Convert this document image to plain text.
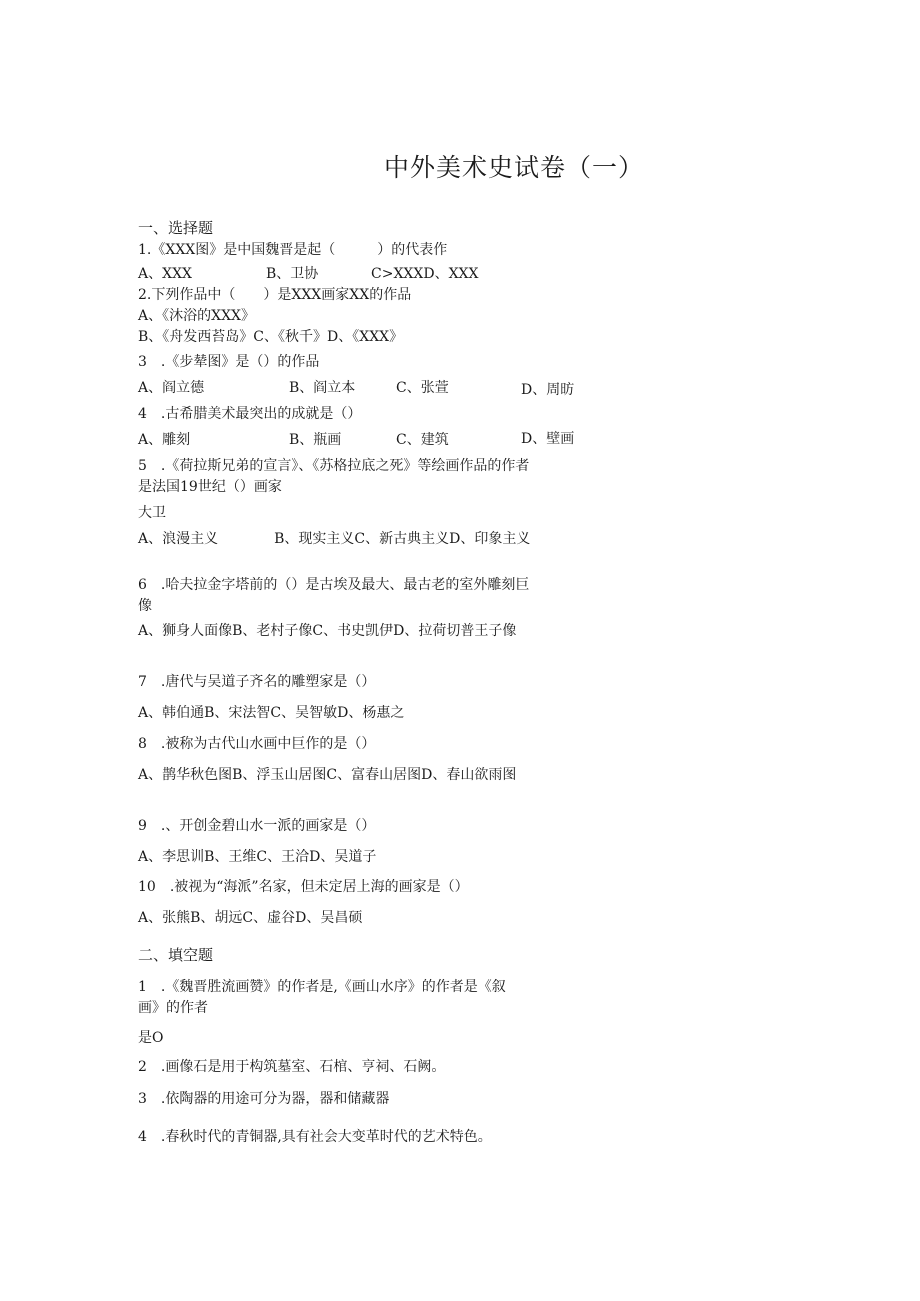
中外美术史试卷（一）
一、选择题
1.《XXX图》是中国魏晋是起（　　　）的代表作
A、XXX	B、卫协	C>XXXD、XXX
2.下列作品中（　　）是XXX画家XX的作品
A、《沐浴的XXX》
B、《舟发西苔岛》C、《秋千》D、《XXX》
3　.《步辇图》是（）的作品
A、阎立德	B、阎立本	C、张萱	D、周昉
4　.古希腊美术最突出的成就是（）
A、雕刻	B、瓶画	C、建筑	D、壁画
5　.《荷拉斯兄弟的宣言》、《苏格拉底之死》等绘画作品的作者是法国19世纪（）画家
大卫
A、浪漫主义　　　　B、现实主义C、新古典主义D、印象主义
6　.哈夫拉金字塔前的（）是古埃及最大、最古老的室外雕刻巨像
A、狮身人面像B、老村子像C、书史凯伊D、拉荷切普王子像
7　.唐代与吴道子齐名的雕塑家是（）
A、韩伯通B、宋法智C、吴智敏D、杨惠之
8　.被称为古代山水画中巨作的是（）
A、鹊华秋色图B、浮玉山居图C、富春山居图D、春山欲雨图
9　.、开创金碧山水一派的画家是（）
A、李思训B、王维C、王洽D、吴道子
10　.被视为“海派”名家，但未定居上海的画家是（）
A、张熊B、胡远C、虚谷D、吴昌硕
二、填空题
1　.《魏晋胜流画赞》的作者是,《画山水序》的作者是《叙画》的作者
是O
2　.画像石是用于构筑墓室、石棺、亨祠、石阙。
3　.依陶器的用途可分为器，器和储藏器
4　.春秋时代的青铜器,具有社会大变革时代的艺术特色。
